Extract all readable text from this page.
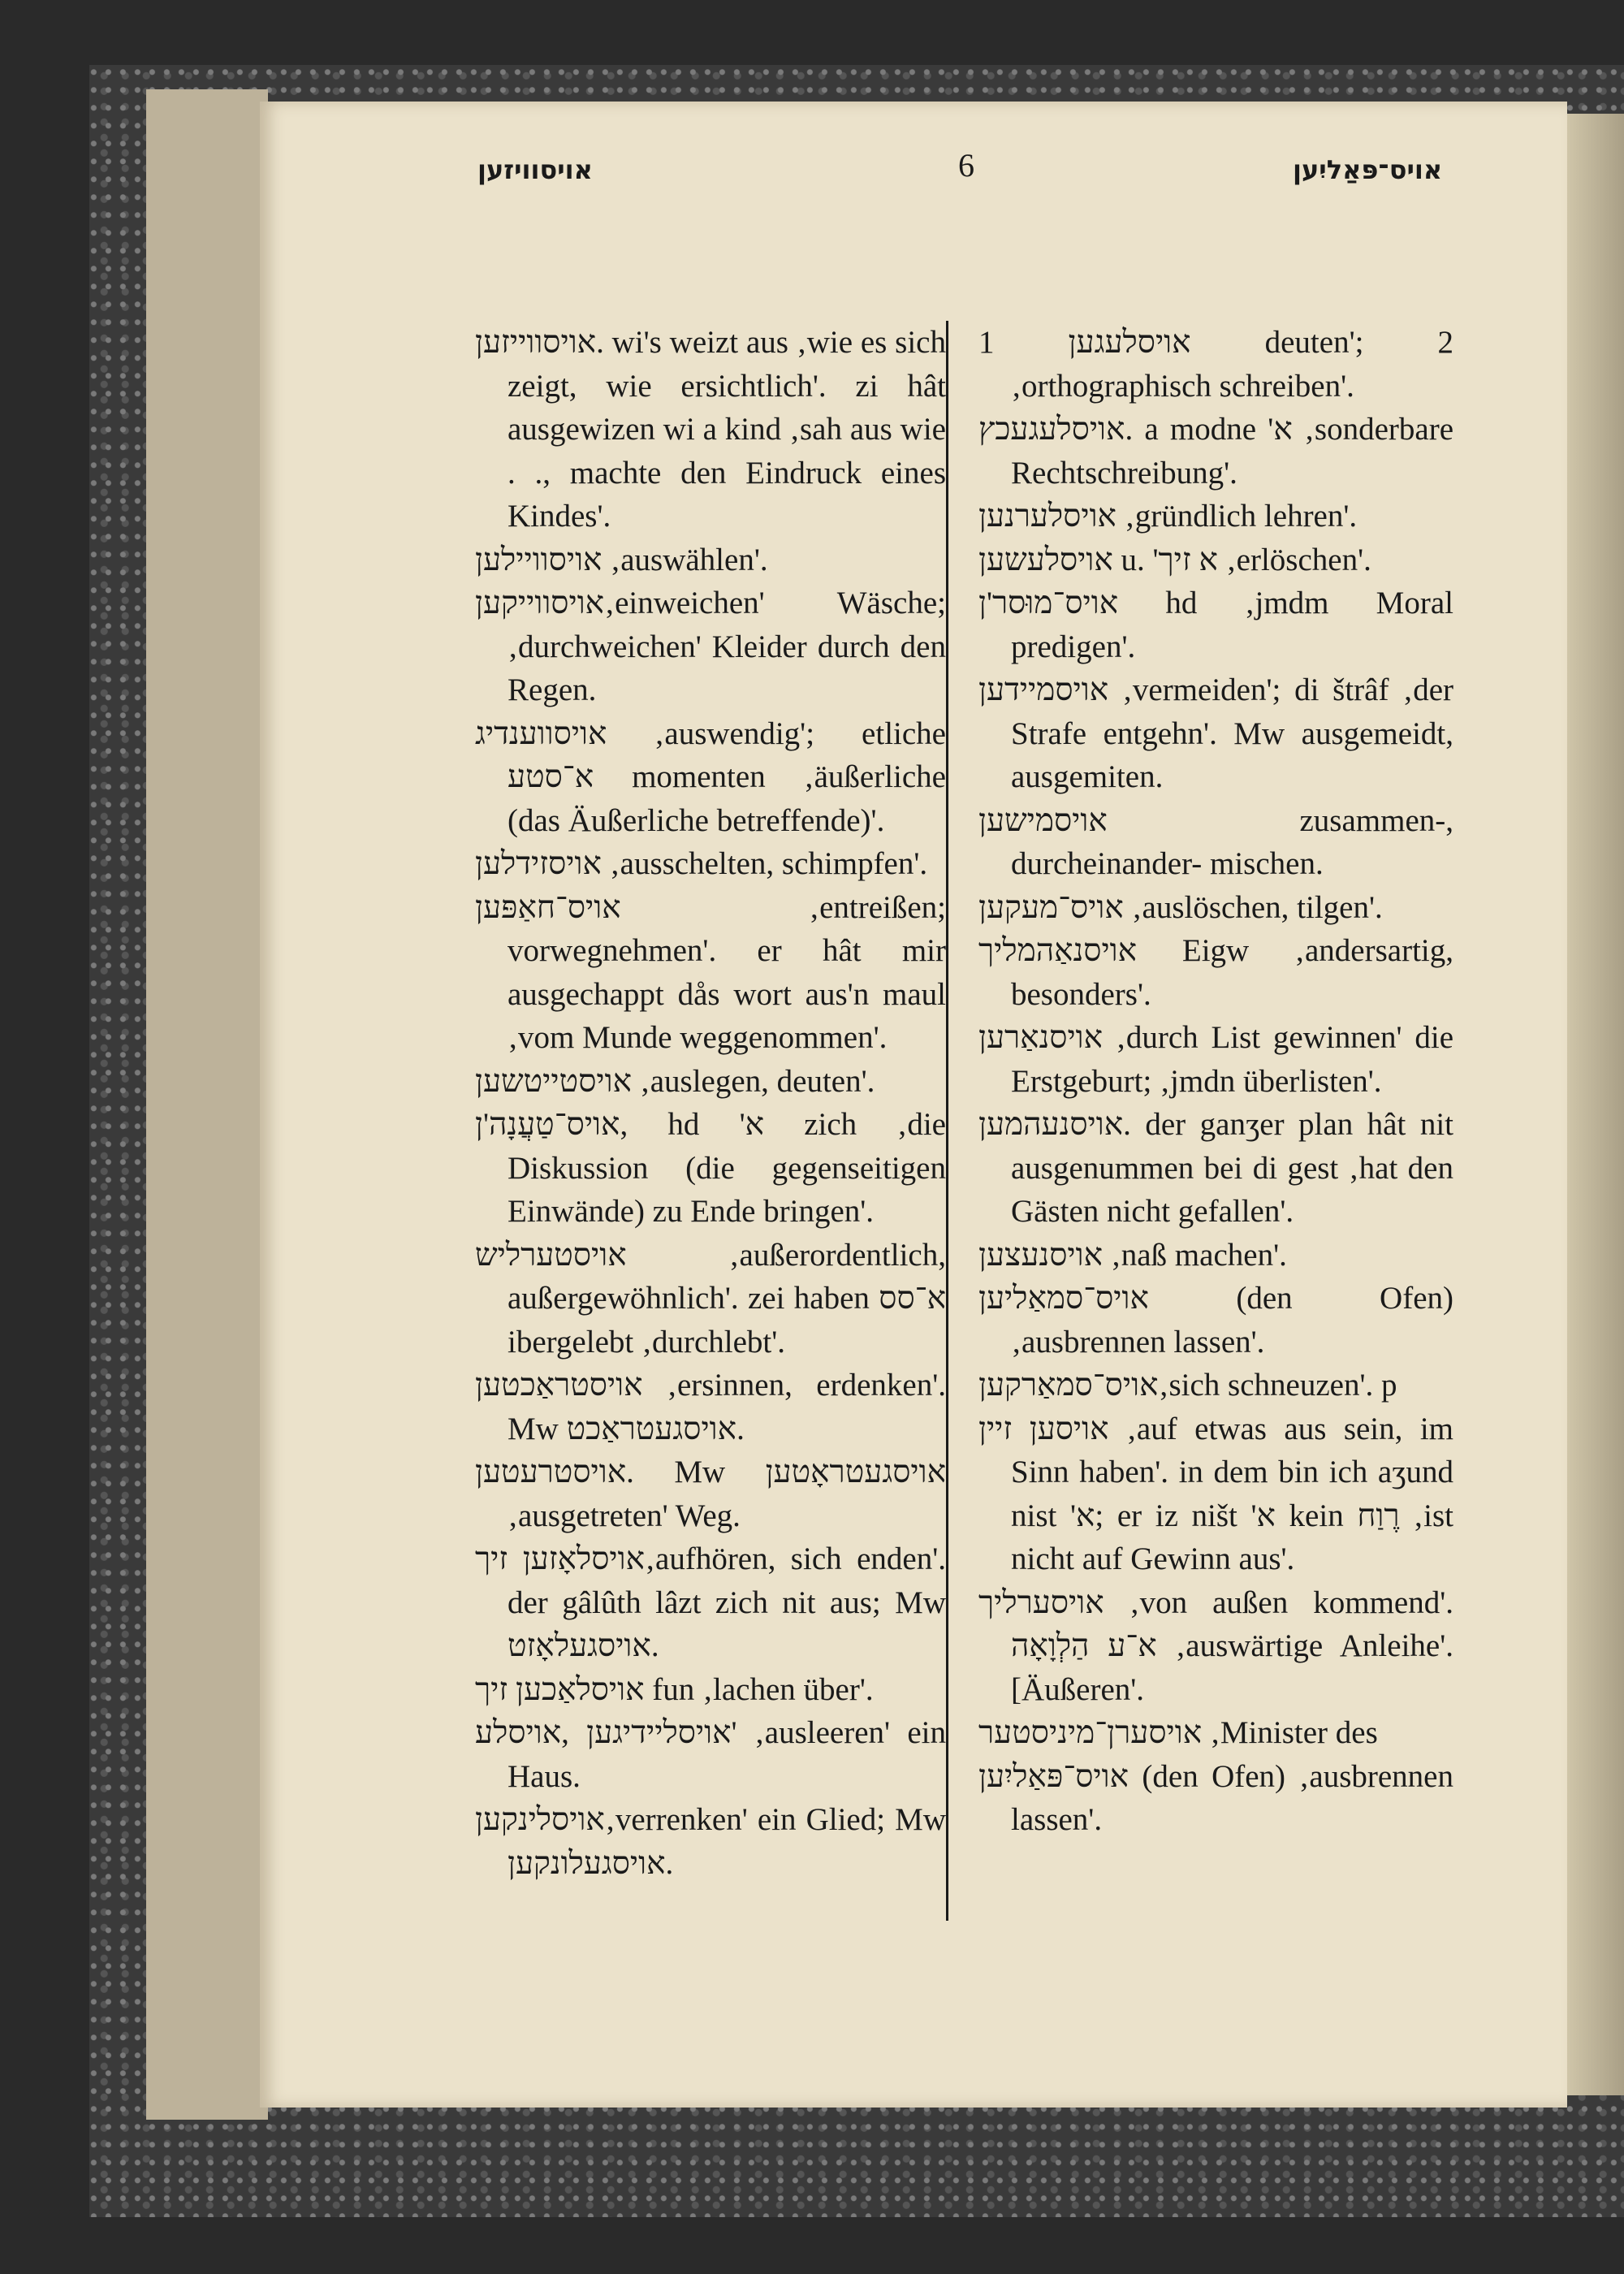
אויסוויזען	6	אויס־פּאַליִען

אויסווייזען. wi's weizt aus ‚wie es sich zeigt, wie ersichtlich'. zi hât ausgewizen wi a kind ‚sah aus wie . ., machte den Eindruck eines Kindes'.

אויסוויילען ‚auswählen'.

אויסווייקען‚einweichen' Wäsche; ‚durchweichen' Kleider durch den Regen.

אויסווענדיג ‚auswendig'; etliche א־סטע momenten ‚äußerliche (das Äußerliche betreffende)'.

אויסזידלען ‚ausschelten, schimpfen'.

אויס־חאַפּען ‚entreißen; vorwegnehmen'. er hât mir ausgechappt dås wort aus'n maul ‚vom Munde weggenommen'.

אויסטייטשען ‚auslegen, deuten'.

אויס־טַעֲנָה'ן, hd 'א zich ‚die Diskussion (die gegenseitigen Einwände) zu Ende bringen'.

אויסטערליש ‚außerordentlich, außergewöhnlich'. zei haben א־סס ibergelebt ‚durchlebt'.

אויסטראַכטען ‚ersinnen, erdenken'. Mw אויסגעטראַכט.

אויסטרעטען. Mw אויסגעטראָטען ‚ausgetreten' Weg.

אויסלאָזען זיך‚aufhören, sich enden'. der gâlûth lâzt zich nit aus; Mw אויסגעלאָזט.

אויסלאַכען זיך fun ‚lachen über'.

אויסליידיגען ,אויסלע' ‚ausleeren' ein Haus.

אויסלינקען‚verrenken' ein Glied; Mw אויסגעלונקען.

אויסלעגען 1 deuten'; 2 ‚orthographisch schreiben'.

אויסלעגעכץ. a modne 'א ‚sonderbare Rechtschreibung'.

אויסלערנען ‚gründlich lehren'.

אויסלעשען u. 'א זיך ‚erlöschen'.

אויס־מוּסר'ן hd ‚jmdm Moral predigen'.

אויסמיידען ‚vermeiden'; di štrâf ‚der Strafe entgehn'. Mw ausgemeidt, ausgemiten.

אויסמישען zusammen-, durcheinander- mischen.

אויס־מעקען ‚auslöschen, tilgen'.

אויסנאַהמליך Eigw ‚andersartig, besonders'.

אויסנאַרען ‚durch List gewinnen' die Erstgeburt; ‚jmdn überlisten'.

אויסנעהמען. der ganʒer plan hât nit ausgenummen bei di gest ‚hat den Gästen nicht gefallen'.

אויסנעצען ‚naß machen'.

אויס־סמאַליען (den Ofen) ‚ausbrennen lassen'.

אויס־סמאַרקען‚sich schneuzen'. p

אויסען זיין ‚auf etwas aus sein, im Sinn haben'. in dem bin ich aʒund nist 'א; er iz ništ 'א kein רֶוַח ‚ist nicht auf Gewinn aus'.

אויסערליך ‚von außen kommend'. א־ע הַלְוָאָה ‚auswärtige Anleihe'. [Äußeren'.

אויסערן־מיניסטער ‚Minister des

אויס־פּאַליִען (den Ofen) ‚ausbrennen lassen'.
